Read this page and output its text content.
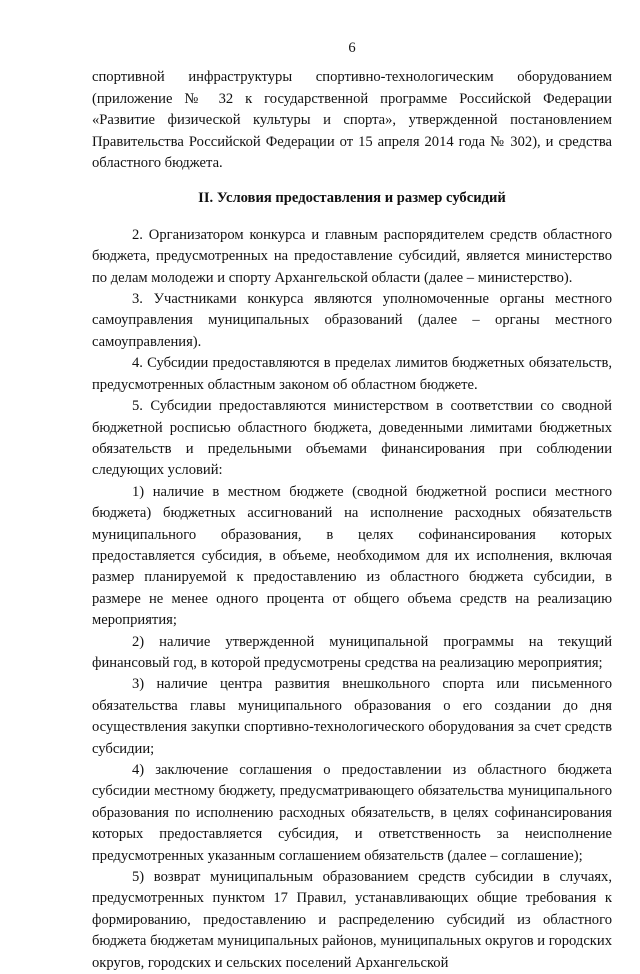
6

спортивной инфраструктуры спортивно-технологическим оборудованием (приложение № 32 к государственной программе Российской Федерации «Развитие физической культуры и спорта», утвержденной постановлением Правительства Российской Федерации от 15 апреля 2014 года № 302), и средства областного бюджета.

II. Условия предоставления и размер субсидий

2. Организатором конкурса и главным распорядителем средств областного бюджета, предусмотренных на предоставление субсидий, является министерство по делам молодежи и спорту Архангельской области (далее – министерство).

3. Участниками конкурса являются уполномоченные органы местного самоуправления муниципальных образований (далее – органы местного самоуправления).

4. Субсидии предоставляются в пределах лимитов бюджетных обязательств, предусмотренных областным законом об областном бюджете.

5. Субсидии предоставляются министерством в соответствии со сводной бюджетной росписью областного бюджета, доведенными лимитами бюджетных обязательств и предельными объемами финансирования при соблюдении следующих условий:

1) наличие в местном бюджете (сводной бюджетной росписи местного бюджета) бюджетных ассигнований на исполнение расходных обязательств муниципального образования, в целях софинансирования которых предоставляется субсидия, в объеме, необходимом для их исполнения, включая размер планируемой к предоставлению из областного бюджета субсидии, в размере не менее одного процента от общего объема средств на реализацию мероприятия;

2) наличие утвержденной муниципальной программы на текущий финансовый год, в которой предусмотрены средства на реализацию мероприятия;

3) наличие центра развития внешкольного спорта или письменного обязательства главы муниципального образования о его создании до дня осуществления закупки спортивно-технологического оборудования за счет средств субсидии;

4) заключение соглашения о предоставлении из областного бюджета субсидии местному бюджету, предусматривающего обязательства муниципального образования по исполнению расходных обязательств, в целях софинансирования которых предоставляется субсидия, и ответственность за неисполнение предусмотренных указанным соглашением обязательств (далее – соглашение);

5) возврат муниципальным образованием средств субсидии в случаях, предусмотренных пунктом 17 Правил, устанавливающих общие требования к формированию, предоставлению и распределению субсидий из областного бюджета бюджетам муниципальных районов, муниципальных округов и городских округов, городских и сельских поселений Архангельской
